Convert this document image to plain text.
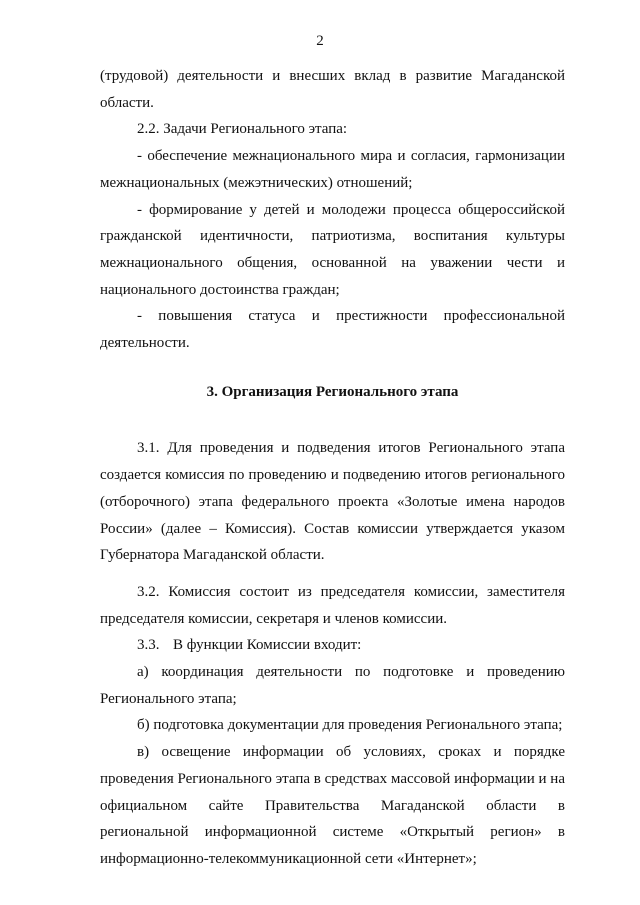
2

(трудовой) деятельности и внесших вклад в развитие Магаданской области.

2.2. Задачи Регионального этапа:

- обеспечение межнационального мира и согласия, гармонизации межнациональных (межэтнических) отношений;

- формирование у детей и молодежи процесса общероссийской гражданской идентичности, патриотизма, воспитания культуры межнационального общения, основанной на уважении чести и национального достоинства граждан;

- повышения статуса и престижности профессиональной деятельности.

3. Организация Регионального этапа

3.1. Для проведения и подведения итогов Регионального этапа создается комиссия по проведению и подведению итогов регионального (отборочного) этапа федерального проекта «Золотые имена народов России» (далее – Комиссия). Состав комиссии утверждается указом Губернатора Магаданской области.

3.2. Комиссия состоит из председателя комиссии, заместителя председателя комиссии, секретаря и членов комиссии.

3.3. В функции Комиссии входит:

а) координация деятельности по подготовке и проведению Регионального этапа;

б) подготовка документации для проведения Регионального этапа;

в) освещение информации об условиях, сроках и порядке проведения Регионального этапа в средствах массовой информации и на официальном сайте Правительства Магаданской области в региональной информационной системе «Открытый регион» в информационно-телекоммуникационной сети «Интернет»;
